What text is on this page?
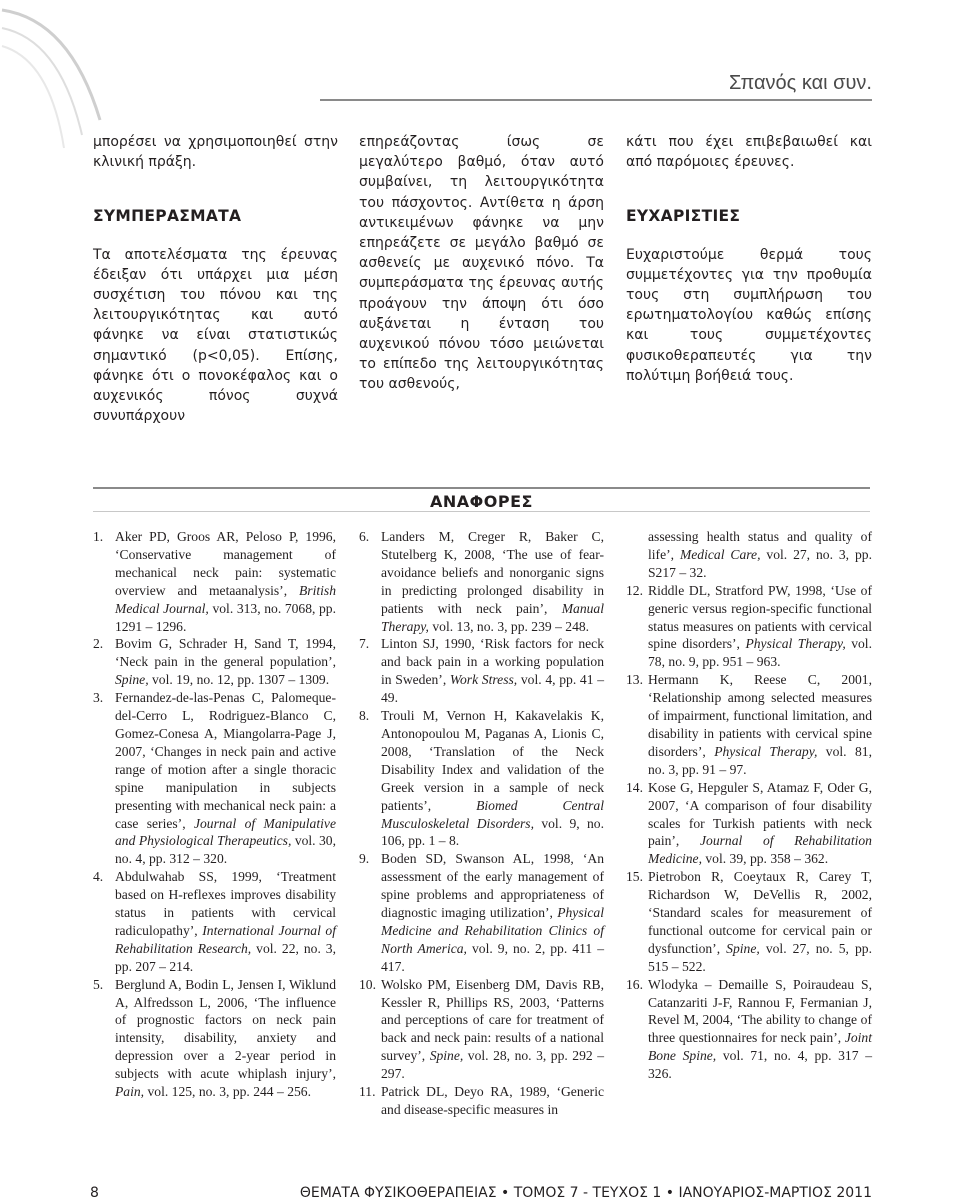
Σπανός και συν.

μπορέσει να χρησιμοποιηθεί στην κλινική πράξη.

ΣΥΜΠΕΡΑΣΜΑΤΑ

Τα αποτελέσματα της έρευνας έδειξαν ότι υπάρχει μια μέση συσχέτιση του πόνου και της λειτουργικότητας και αυτό φάνηκε να είναι στατιστικώς σημαντικό (p<0,05). Επίσης, φάνηκε ότι ο πονοκέφαλος και ο αυχενικός πόνος συχνά συνυπάρχουν

επηρεάζοντας ίσως σε μεγαλύτερο βαθμό, όταν αυτό συμβαίνει, τη λειτουργικότητα του πάσχοντος. Αντίθετα η άρση αντικειμένων φάνηκε να μην επηρεάζετε σε μεγάλο βαθμό σε ασθενείς με αυχενικό πόνο. Τα συμπεράσματα της έρευνας αυτής προάγουν την άποψη ότι όσο αυξάνεται η ένταση του αυχενικού πόνου τόσο μειώνεται το επίπεδο της λειτουργικότητας του ασθενούς,

κάτι που έχει επιβεβαιωθεί και από παρόμοιες έρευνες.

ΕΥΧΑΡΙΣΤΙΕΣ

Ευχαριστούμε θερμά τους συμμετέχοντες για την προθυμία τους στη συμπλήρωση του ερωτηματολογίου καθώς επίσης και τους συμμετέχοντες φυσικοθεραπευτές για την πολύτιμη βοήθειά τους.

ΑΝΑΦΟΡΕΣ
1. Aker PD, Groos AR, Peloso P, 1996, ‘Conservative management of mechanical neck pain: systematic overview and metaanalysis’, British Medical Journal, vol. 313, no. 7068, pp. 1291 – 1296.
2. Bovim G, Schrader H, Sand T, 1994, ‘Neck pain in the general population’, Spine, vol. 19, no. 12, pp. 1307 – 1309.
3. Fernandez-de-las-Penas C, Palomeque-del-Cerro L, Rodriguez-Blanco C, Gomez-Conesa A, Miangolarra-Page J, 2007, ‘Changes in neck pain and active range of motion after a single thoracic spine manipulation in subjects presenting with mechanical neck pain: a case series’, Journal of Manipulative and Physiological Therapeutics, vol. 30, no. 4, pp. 312 – 320.
4. Abdulwahab SS, 1999, ‘Treatment based on H-reflexes improves disability status in patients with cervical radiculopathy’, International Journal of Rehabilitation Research, vol. 22, no. 3, pp. 207 – 214.
5. Berglund A, Bodin L, Jensen I, Wiklund A, Alfredsson L, 2006, ‘The influence of prognostic factors on neck pain intensity, disability, anxiety and depression over a 2-year period in subjects with acute whiplash injury’, Pain, vol. 125, no. 3, pp. 244 – 256.
6. Landers M, Creger R, Baker C, Stutelberg K, 2008, ‘The use of fear-avoidance beliefs and nonorganic signs in predicting prolonged disability in patients with neck pain’, Manual Therapy, vol. 13, no. 3, pp. 239 – 248.
7. Linton SJ, 1990, ‘Risk factors for neck and back pain in a working population in Sweden’, Work Stress, vol. 4, pp. 41 – 49.
8. Trouli M, Vernon H, Kakavelakis K, Antonopoulou M, Paganas A, Lionis C, 2008, ‘Translation of the Neck Disability Index and validation of the Greek version in a sample of neck patients’, Biomed Central Musculoskeletal Disorders, vol. 9, no. 106, pp. 1 – 8.
9. Boden SD, Swanson AL, 1998, ‘An assessment of the early management of spine problems and appropriateness of diagnostic imaging utilization’, Physical Medicine and Rehabilitation Clinics of North America, vol. 9, no. 2, pp. 411 – 417.
10. Wolsko PM, Eisenberg DM, Davis RB, Kessler R, Phillips RS, 2003, ‘Patterns and perceptions of care for treatment of back and neck pain: results of a national survey’, Spine, vol. 28, no. 3, pp. 292 – 297.
11. Patrick DL, Deyo RA, 1989, ‘Generic and disease-specific measures in
assessing health status and quality of life’, Medical Care, vol. 27, no. 3, pp. S217 – 32.
12. Riddle DL, Stratford PW, 1998, ‘Use of generic versus region-specific functional status measures on patients with cervical spine disorders’, Physical Therapy, vol. 78, no. 9, pp. 951 – 963.
13. Hermann K, Reese C, 2001, ‘Relationship among selected measures of impairment, functional limitation, and disability in patients with cervical spine disorders’, Physical Therapy, vol. 81, no. 3, pp. 91 – 97.
14. Kose G, Hepguler S, Atamaz F, Oder G, 2007, ‘A comparison of four disability scales for Turkish patients with neck pain’, Journal of Rehabilitation Medicine, vol. 39, pp. 358 – 362.
15. Pietrobon R, Coeytaux R, Carey T, Richardson W, DeVellis R, 2002, ‘Standard scales for measurement of functional outcome for cervical pain or dysfunction’, Spine, vol. 27, no. 5, pp. 515 – 522.
16. Wlodyka – Demaille S, Poiraudeau S, Catanzariti J-F, Rannou F, Fermanian J, Revel M, 2004, ‘The ability to change of three questionnaires for neck pain’, Joint Bone Spine, vol. 71, no. 4, pp. 317 – 326.
8	ΘΕΜΑΤΑ ΦΥΣΙΚΟΘΕΡΑΠΕΙΑΣ • ΤΟΜΟΣ 7 - ΤΕΥΧΟΣ 1 • ΙΑΝΟΥΑΡΙΟΣ-ΜΑΡΤΙΟΣ 2011
